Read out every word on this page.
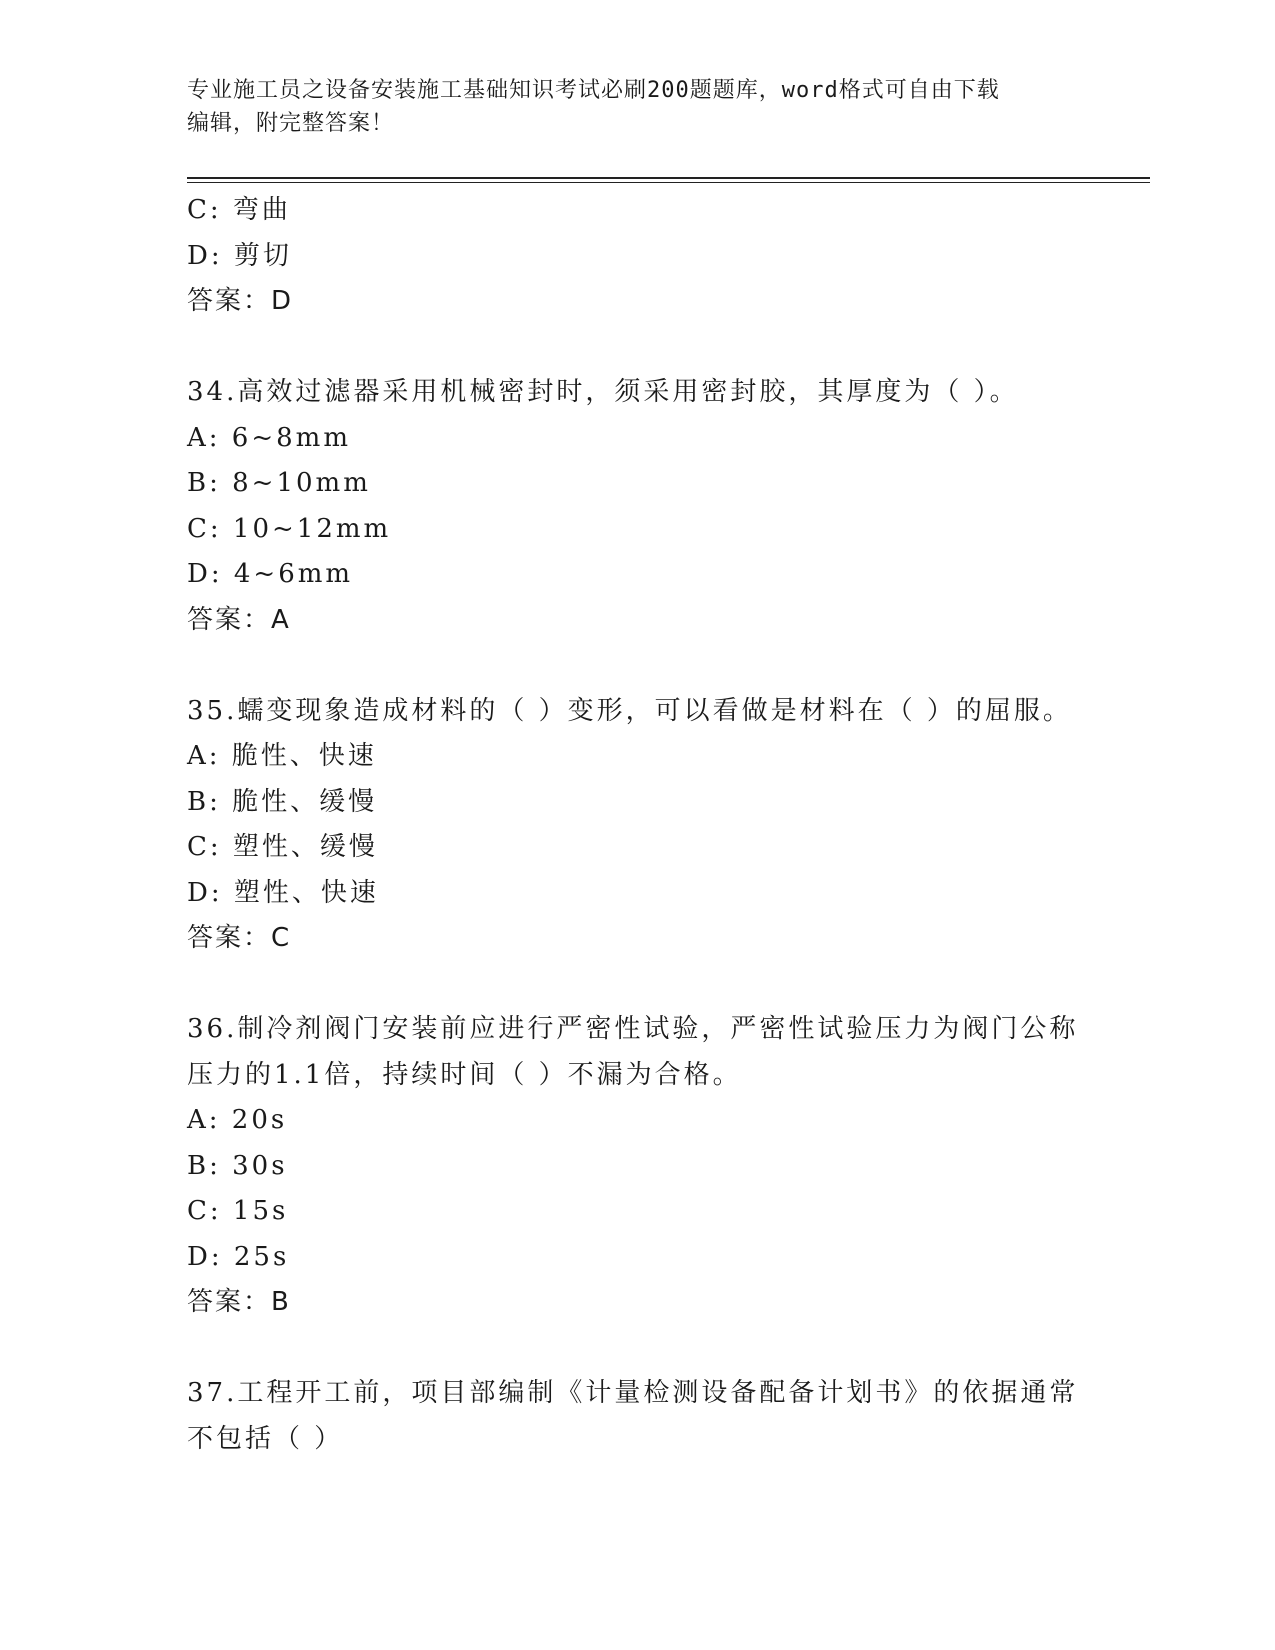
专业施工员之设备安装施工基础知识考试必刷200题题库，word格式可自由下载
编辑，附完整答案！
C: 弯曲
D: 剪切
答案：D
34.高效过滤器采用机械密封时，须采用密封胶，其厚度为（ ）。
A: 6~8mm
B: 8~10mm
C: 10~12mm
D: 4~6mm
答案：A
35.蠕变现象造成材料的（ ）变形，可以看做是材料在（ ）的屈服。
A: 脆性、快速
B: 脆性、缓慢
C: 塑性、缓慢
D: 塑性、快速
答案：C
36.制冷剂阀门安装前应进行严密性试验，严密性试验压力为阀门公称
压力的1.1倍，持续时间（ ）不漏为合格。
A: 20s
B: 30s
C: 15s
D: 25s
答案：B
37.工程开工前，项目部编制《计量检测设备配备计划书》的依据通常
不包括（ ）
